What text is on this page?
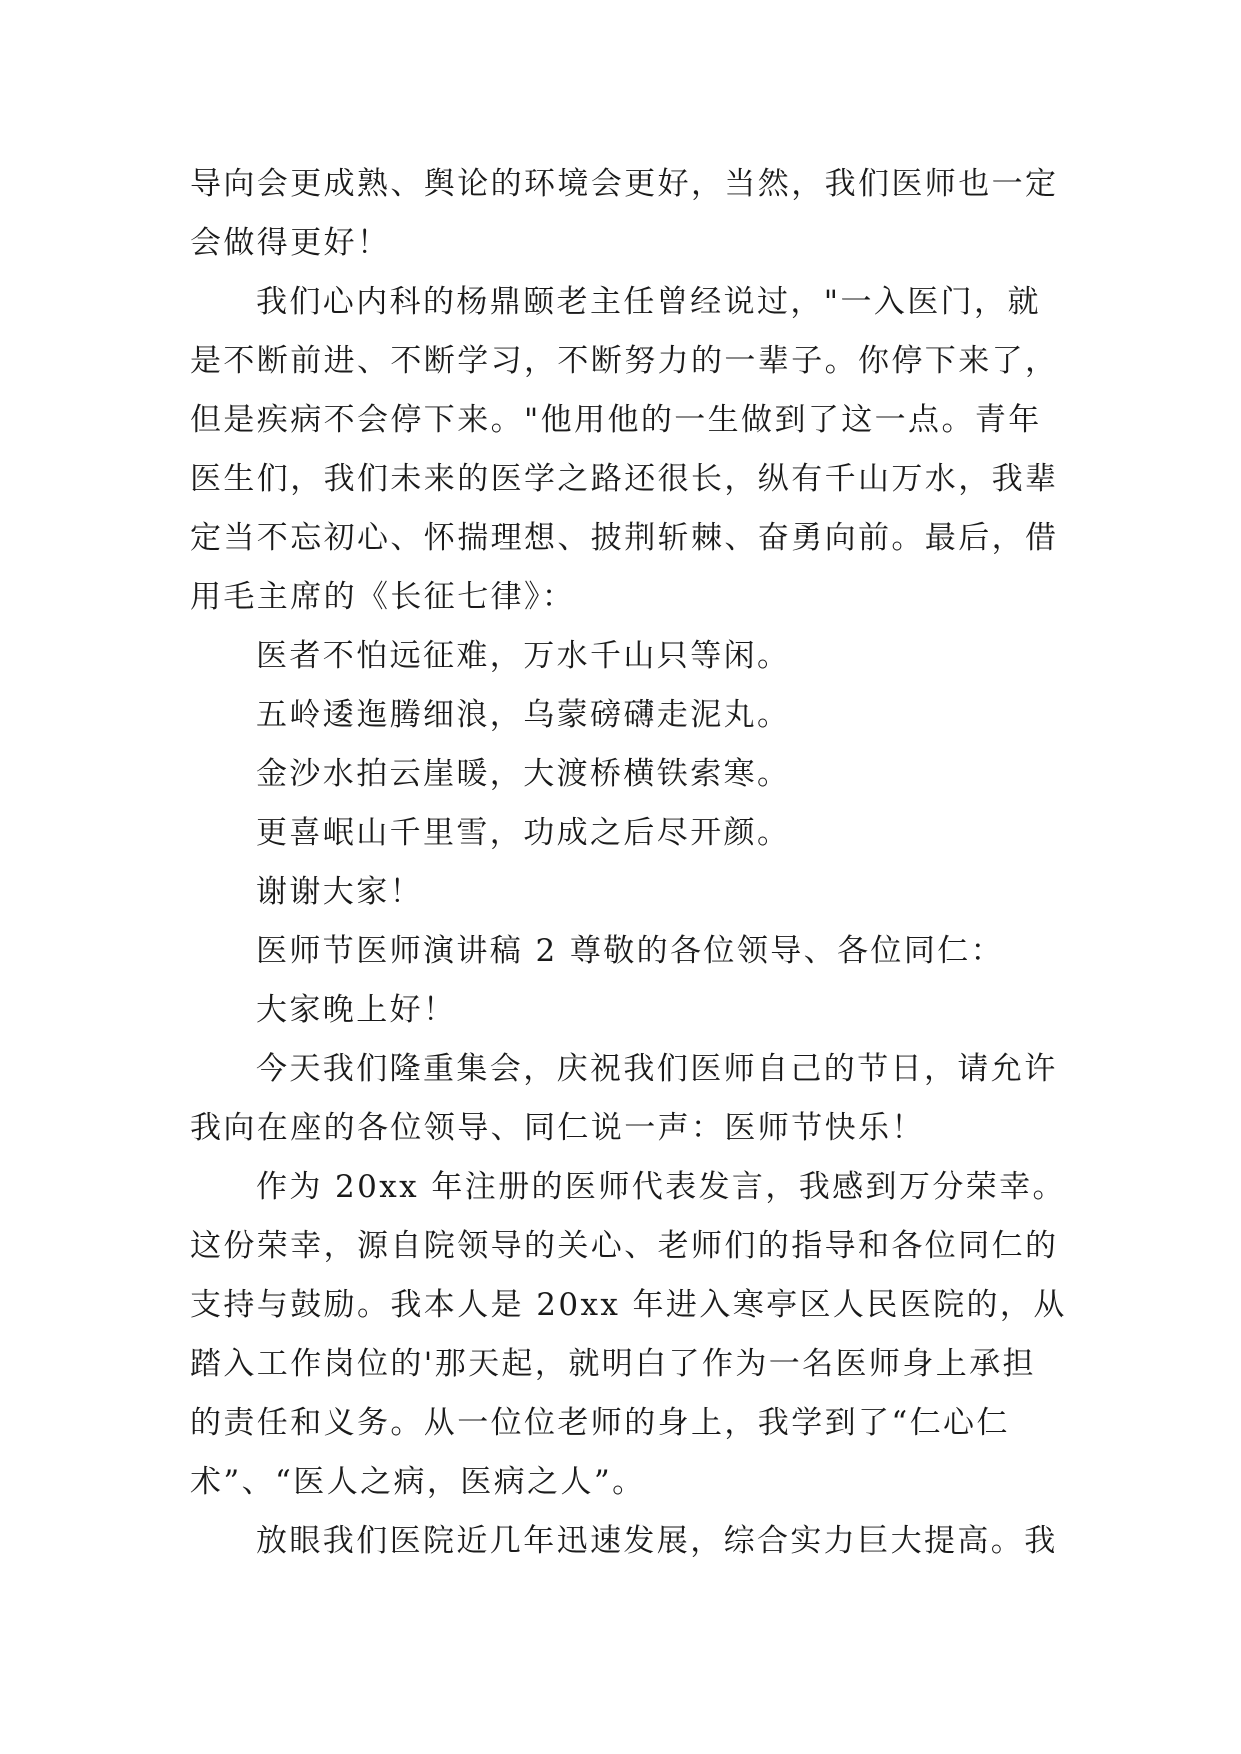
导向会更成熟、舆论的环境会更好，当然，我们医师也一定
会做得更好！
我们心内科的杨鼎颐老主任曾经说过，"一入医门，就
是不断前进、不断学习，不断努力的一辈子。你停下来了，
但是疾病不会停下来。"他用他的一生做到了这一点。青年
医生们，我们未来的医学之路还很长，纵有千山万水，我辈
定当不忘初心、怀揣理想、披荆斩棘、奋勇向前。最后，借
用毛主席的《长征七律》：
医者不怕远征难，万水千山只等闲。
五岭逶迤腾细浪，乌蒙磅礴走泥丸。
金沙水拍云崖暖，大渡桥横铁索寒。
更喜岷山千里雪，功成之后尽开颜。
谢谢大家！
医师节医师演讲稿 2 尊敬的各位领导、各位同仁：
大家晚上好！
今天我们隆重集会，庆祝我们医师自己的节日，请允许
我向在座的各位领导、同仁说一声：医师节快乐！
作为 20xx 年注册的医师代表发言，我感到万分荣幸。
这份荣幸，源自院领导的关心、老师们的指导和各位同仁的
支持与鼓励。我本人是 20xx 年进入寒亭区人民医院的，从
踏入工作岗位的'那天起，就明白了作为一名医师身上承担
的责任和义务。从一位位老师的身上，我学到了“仁心仁
术”、“医人之病，医病之人”。
放眼我们医院近几年迅速发展，综合实力巨大提高。我
